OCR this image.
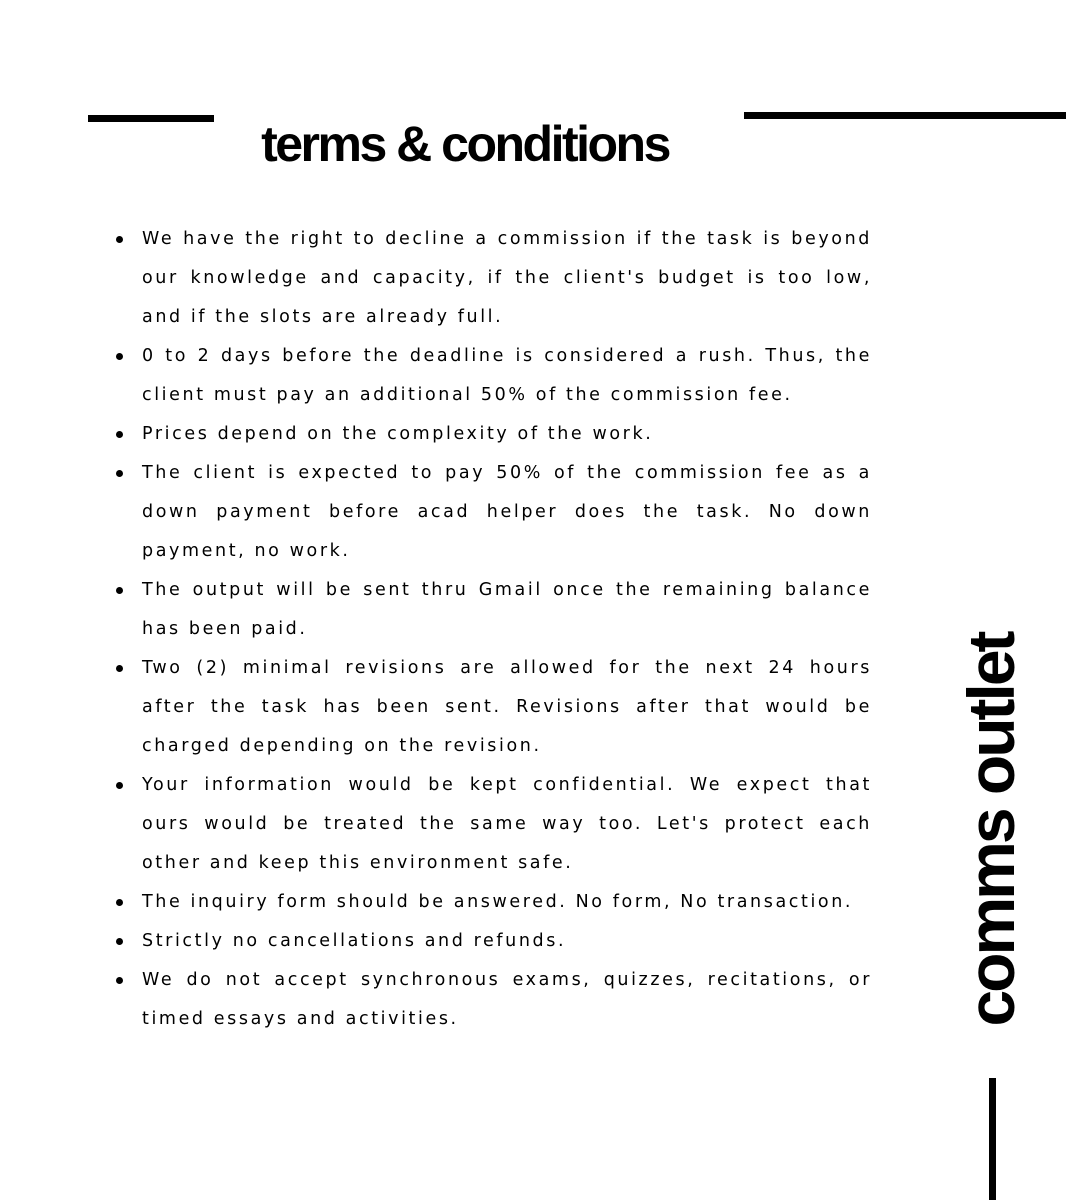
terms & conditions
We have the right to decline a commission if the task is beyond our knowledge and capacity, if the client's budget is too low, and if the slots are already full.
0 to 2 days before the deadline is considered a rush. Thus, the client must pay an additional 50% of the commission fee.
Prices depend on the complexity of the work.
The client is expected to pay 50% of the commission fee as a down payment before acad helper does the task. No down payment, no work.
The output will be sent thru Gmail once the remaining balance has been paid.
Two (2) minimal revisions are allowed for the next 24 hours after the task has been sent. Revisions after that would be charged depending on the revision.
Your information would be kept confidential. We expect that ours would be treated the same way too. Let's protect each other and keep this environment safe.
The inquiry form should be answered. No form, No transaction.
Strictly no cancellations and refunds.
We do not accept synchronous exams, quizzes, recitations, or timed essays and activities.	comms outlet
